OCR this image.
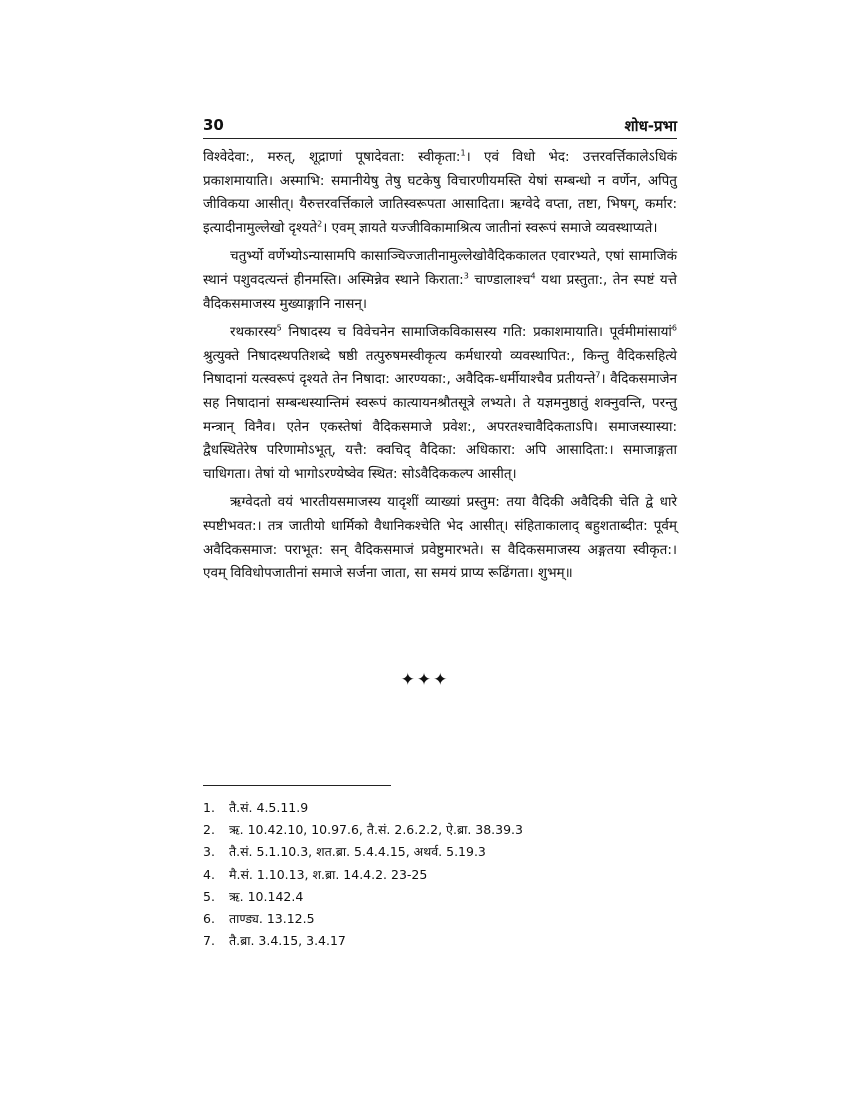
30	शोध-प्रभा

विश्वेदेवा:, मरुत्, शूद्राणां पूषादेवता: स्वीकृता:$^1$। एवं विधो भेद: उत्तरवर्त्तिकालेऽधिकं प्रकाशमायाति। अस्माभि: समानीयेषु तेषु घटकेषु विचारणीयमस्ति येषां सम्बन्धो न वर्णेन, अपितु जीविकया आसीत्। यैरुत्तरवर्त्तिकाले जातिस्वरूपता आसादिता। ऋग्वेदे वप्ता, तष्टा, भिषग्, कर्मार: इत्यादीनामुल्लेखो दृश्यते$^2$। एवम् ज्ञायते यज्जीविकामाश्रित्य जातीनां स्वरूपं समाजे व्यवस्थाप्यते।

चतुर्भ्यो वर्णेभ्योऽन्यासामपि कासाञ्चिज्जातीनामुल्लेखोवैदिककालत एवारभ्यते, एषां सामाजिकं स्थानं पशुवदत्यन्तं हीनमस्ति। अस्मिन्नेव स्थाने किराता:$^3$ चाण्डालाश्च$^4$ यथा प्रस्तुता:, तेन स्पष्टं यत्ते वैदिकसमाजस्य मुख्याङ्गानि नासन्।

रथकारस्य$^5$ निषादस्य च विवेचनेन सामाजिकविकासस्य गति: प्रकाशमायाति। पूर्वमीमांसायां$^6$ श्रुत्युक्ते निषादस्थपतिशब्दे षष्ठी तत्पुरुषमस्वीकृत्य कर्मधारयो व्यवस्थापित:, किन्तु वैदिकसहित्ये निषादानां यत्स्वरूपं दृश्यते तेन निषादा: आरण्यका:, अवैदिक-धर्मीयाश्चैव प्रतीयन्ते$^7$। वैदिकसमाजेन सह निषादानां सम्बन्धस्यान्तिमं स्वरूपं कात्यायनश्रौतसूत्रे लभ्यते। ते यज्ञमनुष्ठातुं शक्नुवन्ति, परन्तु मन्त्रान् विनैव। एतेन एकस्तेषां वैदिकसमाजे प्रवेश:, अपरतश्चावैदिकताऽपि। समाजस्यास्या: द्वैधस्थितेरेष परिणामोऽभूत्, यत्तै: क्वचिद् वैदिका: अधिकारा: अपि आसादिता:। समाजाङ्गता चाधिगता। तेषां यो भागोऽरण्येष्वेव स्थित: सोऽवैदिककल्प आसीत्।

ऋग्वेदतो वयं भारतीयसमाजस्य यादृशीं व्याख्यां प्रस्तुम: तया वैदिकी अवैदिकी चेति द्वे धारे स्पष्टीभवत:। तत्र जातीयो धार्मिको वैधानिकश्चेति भेद आसीत्। संहिताकालाद् बहुशताब्दीत: पूर्वम् अवैदिकसमाज: पराभूत: सन् वैदिकसमाजं प्रवेष्टुमारभते। स वैदिकसमाजस्य अङ्गतया स्वीकृत:। एवम् विविधोपजातीनां समाजे सर्जना जाता, सा समयं प्राप्य रूढिंगता। शुभम्॥

✦✦✦
1. तै.सं. 4.5.11.9
2. ऋ. 10.42.10, 10.97.6, तै.सं. 2.6.2.2, ऐ.ब्रा. 38.39.3
3. तै.सं. 5.1.10.3, शत.ब्रा. 5.4.4.15, अथर्व. 5.19.3
4. मै.सं. 1.10.13, श.ब्रा. 14.4.2. 23-25
5. ऋ. 10.142.4
6. ताण्ड्य. 13.12.5
7. तै.ब्रा. 3.4.15, 3.4.17
